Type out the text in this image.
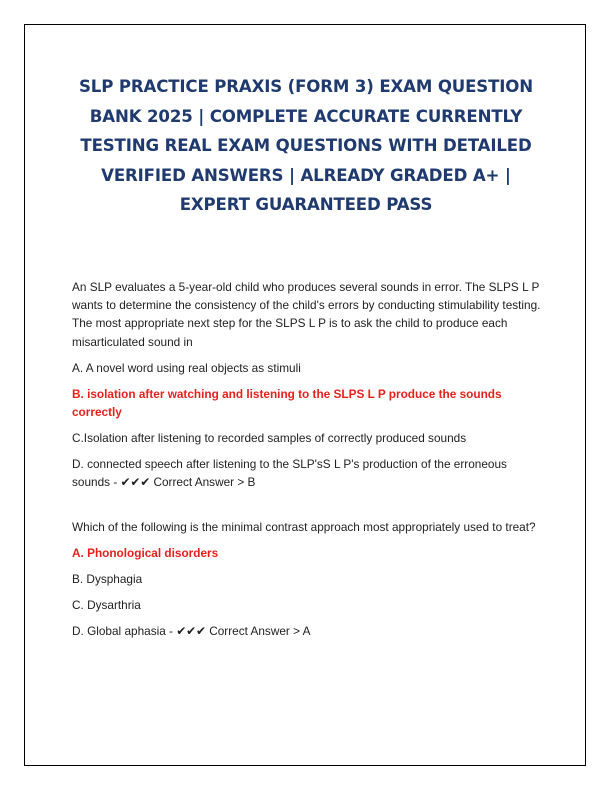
SLP PRACTICE PRAXIS (FORM 3) EXAM QUESTION BANK 2025 | COMPLETE ACCURATE CURRENTLY TESTING REAL EXAM QUESTIONS WITH DETAILED VERIFIED ANSWERS | ALREADY GRADED A+ | EXPERT GUARANTEED PASS

An SLP evaluates a 5-year-old child who produces several sounds in error. The SLPS L P wants to determine the consistency of the child's errors by conducting stimulability testing. The most appropriate next step for the SLPS L P is to ask the child to produce each misarticulated sound in

A. A novel word using real objects as stimuli

B. isolation after watching and listening to the SLPS L P produce the sounds correctly

C.Isolation after listening to recorded samples of correctly produced sounds

D. connected speech after listening to the SLP'sS L P's production of the erroneous sounds - ✔✔✔ Correct Answer > B

Which of the following is the minimal contrast approach most appropriately used to treat?

A. Phonological disorders

B. Dysphagia

C. Dysarthria

D. Global aphasia - ✔✔✔ Correct Answer > A
